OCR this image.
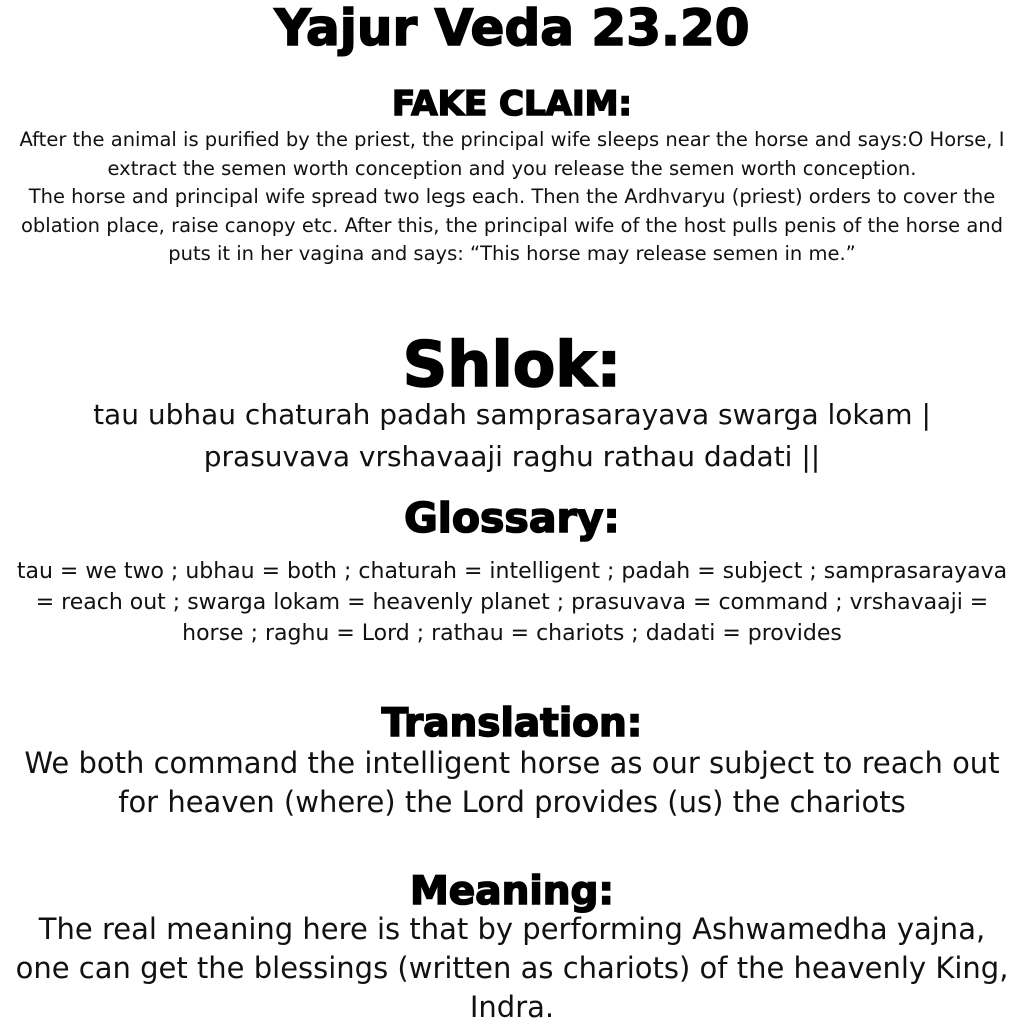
Yajur Veda 23.20
FAKE CLAIM:

After the animal is purified by the priest, the principal wife sleeps near the horse and says:O Horse, I extract the semen worth conception and you release the semen worth conception.

The horse and principal wife spread two legs each. Then the Ardhvaryu (priest) orders to cover the oblation place, raise canopy etc. After this, the principal wife of the host pulls penis of the horse and puts it in her vagina and says: “This horse may release semen in me.”

Shlok:

tau ubhau chaturah padah samprasarayava swarga lokam |

prasuvava vrshavaaji raghu rathau dadati ||

Glossary:

tau = we two ; ubhau = both ; chaturah = intelligent ; padah = subject ; samprasarayava = reach out ; swarga lokam = heavenly planet ; prasuvava = command ; vrshavaaji = horse ; raghu = Lord ; rathau = chariots ; dadati = provides

Translation:

We both command the intelligent horse as our subject to reach out for heaven (where) the Lord provides (us) the chariots

Meaning:

The real meaning here is that by performing Ashwamedha yajna, one can get the blessings (written as chariots) of the heavenly King, Indra.
